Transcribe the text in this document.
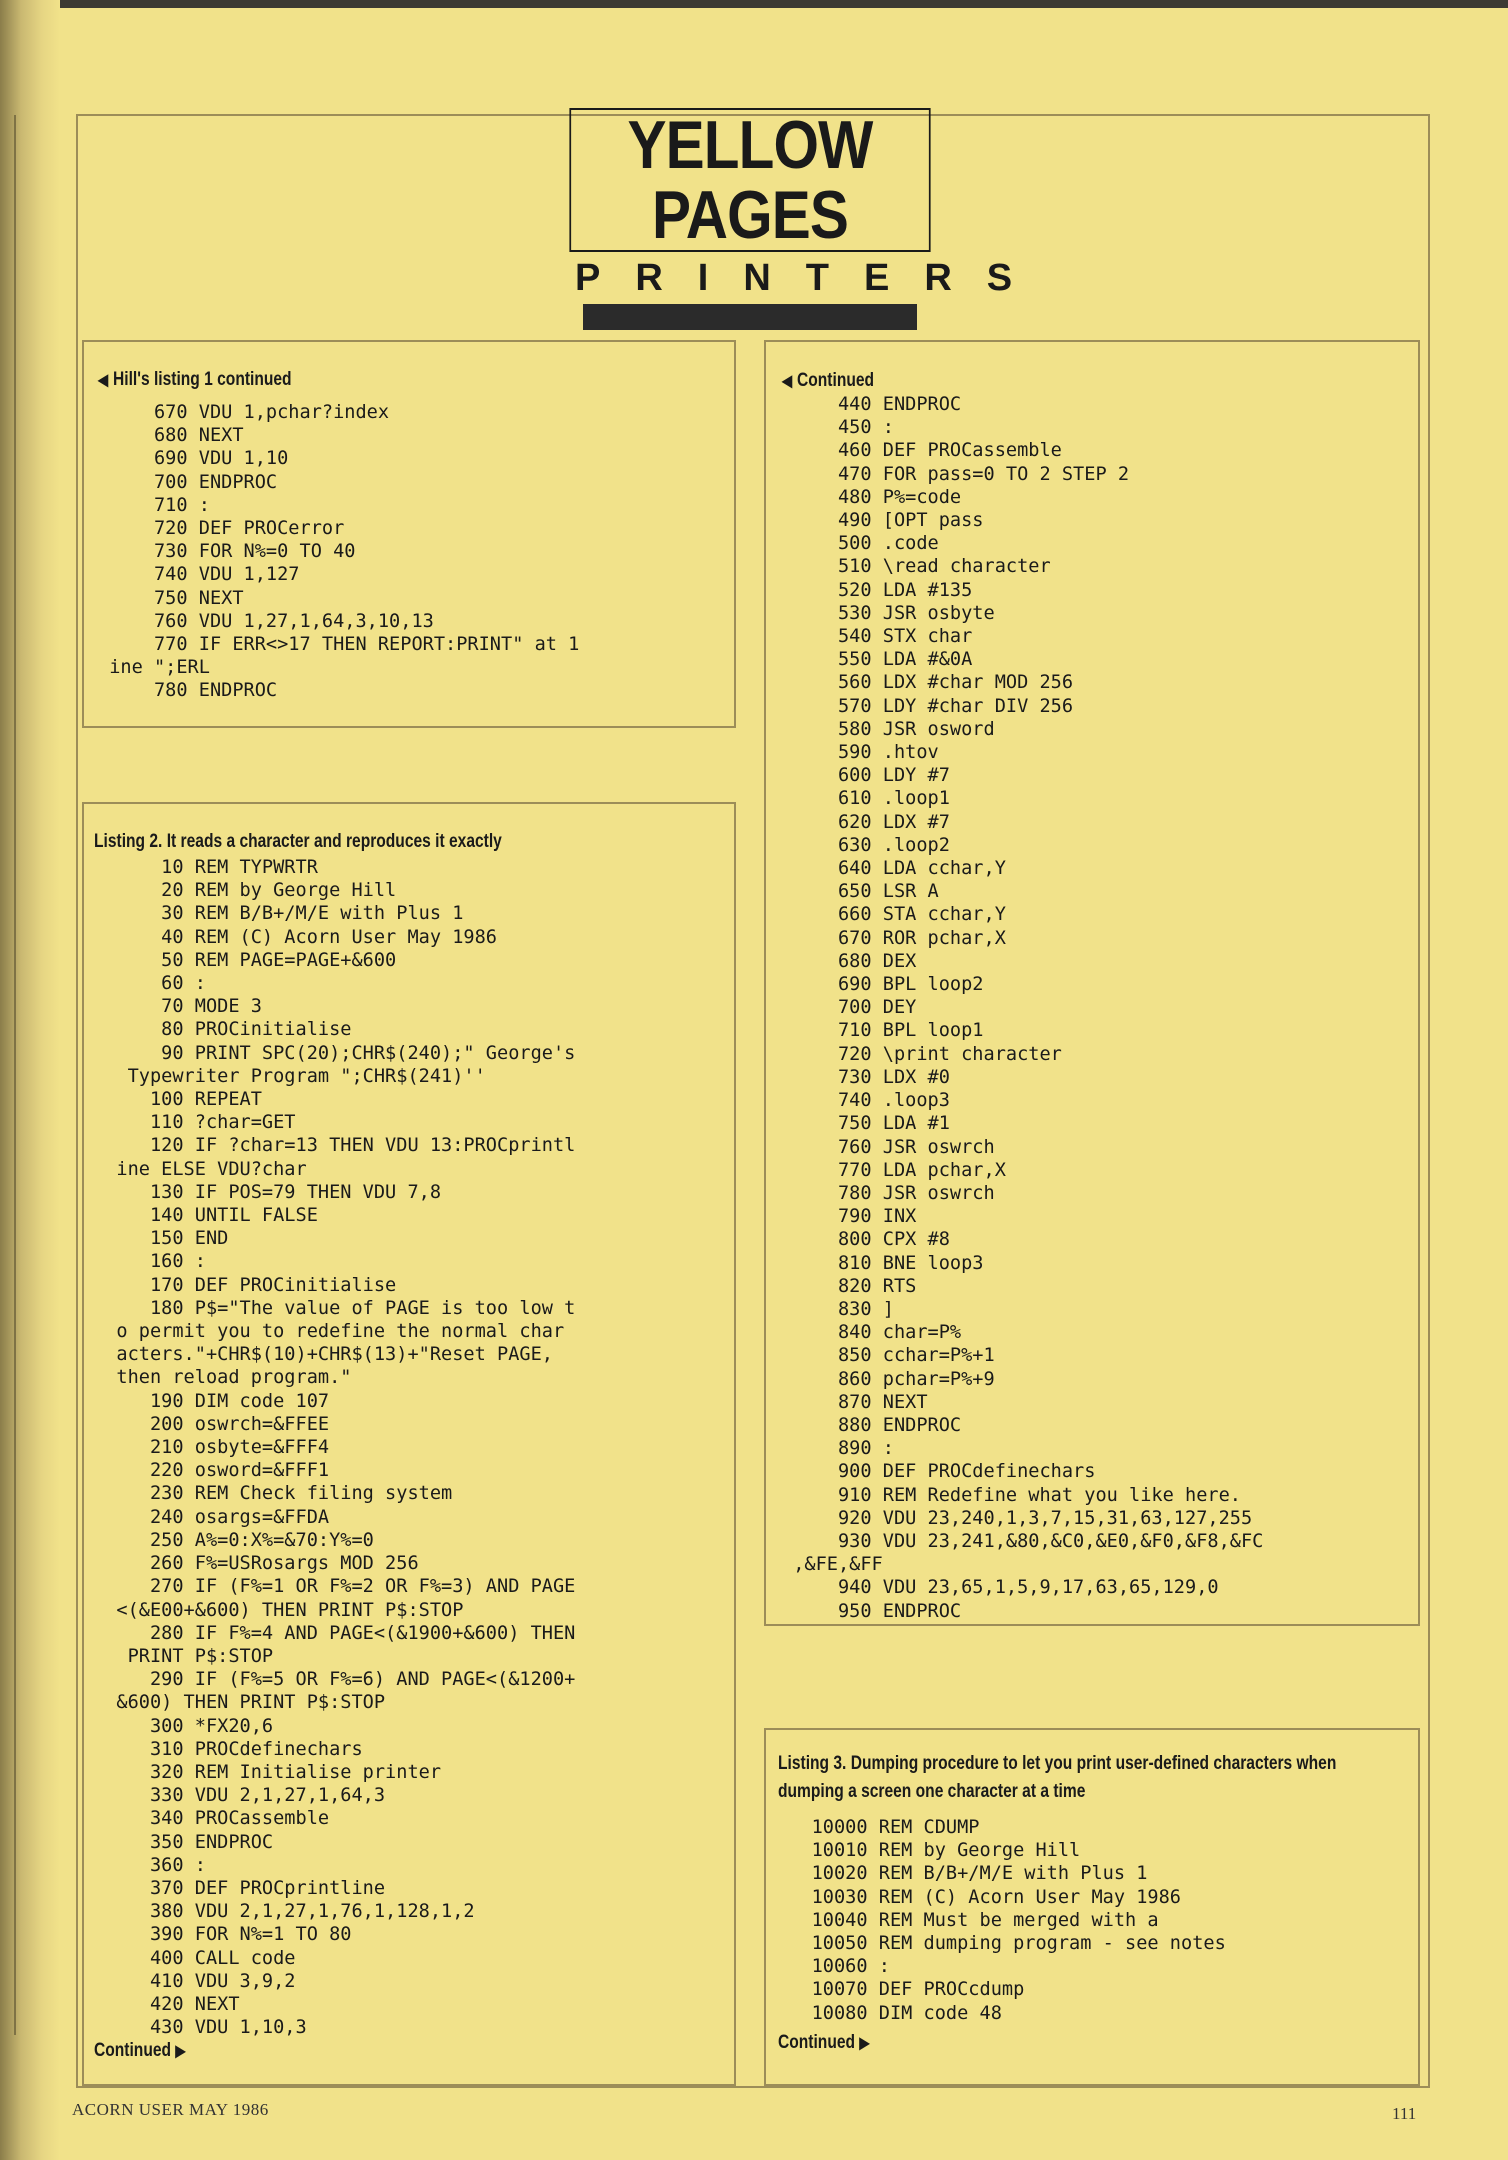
YELLOW PAGES
PRINTERS
◀ Hill's listing 1 continued
670 VDU 1,pchar?index
680 NEXT
690 VDU 1,10
700 ENDPROC
710 :
720 DEF PROCerror
730 FOR N%=0 TO 40
740 VDU 1,127
750 NEXT
760 VDU 1,27,1,64,3,10,13
770 IF ERR<>17 THEN REPORT:PRINT" at 1
ine ";ERL
780 ENDPROC
Listing 2. It reads a character and reproduces it exactly
10 REM TYPWRTR
20 REM by George Hill
30 REM B/B+/M/E with Plus 1
40 REM (C) Acorn User May 1986
50 REM PAGE=PAGE+&600
60 :
70 MODE 3
80 PROCinitialise
90 PRINT SPC(20);CHR$(240);" George's
Typewriter Program ";CHR$(241)''
100 REPEAT
110 ?char=GET
120 IF ?char=13 THEN VDU 13:PROCprintl
ine ELSE VDU?char
130 IF POS=79 THEN VDU 7,8
140 UNTIL FALSE
150 END
160 :
170 DEF PROCinitialise
180 P$="The value of PAGE is too low t
o permit you to redefine the normal char
acters."+CHR$(10)+CHR$(13)+"Reset PAGE,
then reload program."
190 DIM code 107
200 oswrch=&FFEE
210 osbyte=&FFF4
220 osword=&FFF1
230 REM Check filing system
240 osargs=&FFDA
250 A%=0:X%=&70:Y%=0
260 F%=USRosargs MOD 256
270 IF (F%=1 OR F%=2 OR F%=3) AND PAGE
<(&E00+&600) THEN PRINT P$:STOP
280 IF F%=4 AND PAGE<(&1900+&600) THEN
PRINT P$:STOP
290 IF (F%=5 OR F%=6) AND PAGE<(&1200+
&600) THEN PRINT P$:STOP
300 *FX20,6
310 PROCdefinechars
320 REM Initialise printer
330 VDU 2,1,27,1,64,3
340 PROCassemble
350 ENDPROC
360 :
370 DEF PROCprintline
380 VDU 2,1,27,1,76,1,128,1,2
390 FOR N%=1 TO 80
400 CALL code
410 VDU 3,9,2
420 NEXT
430 VDU 1,10,3
Continued ▶
◀ Continued
440 ENDPROC
450 :
460 DEF PROCassemble
470 FOR pass=0 TO 2 STEP 2
480 P%=code
490 [OPT pass
500 .code
510 \read character
520 LDA #135
530 JSR osbyte
540 STX char
550 LDA #&0A
560 LDX #char MOD 256
570 LDY #char DIV 256
580 JSR osword
590 .htov
600 LDY #7
610 .loop1
620 LDX #7
630 .loop2
640 LDA cchar,Y
650 LSR A
660 STA cchar,Y
670 ROR pchar,X
680 DEX
690 BPL loop2
700 DEY
710 BPL loop1
720 \print character
730 LDX #0
740 .loop3
750 LDA #1
760 JSR oswrch
770 LDA pchar,X
780 JSR oswrch
790 INX
800 CPX #8
810 BNE loop3
820 RTS
830 ]
840 char=P%
850 cchar=P%+1
860 pchar=P%+9
870 NEXT
880 ENDPROC
890 :
900 DEF PROCdefinechars
910 REM Redefine what you like here.
920 VDU 23,240,1,3,7,15,31,63,127,255
930 VDU 23,241,&80,&C0,&E0,&F0,&F8,&FC
,&FE,&FF
940 VDU 23,65,1,5,9,17,63,65,129,0
950 ENDPROC
Listing 3. Dumping procedure to let you print user-defined characters when
dumping a screen one character at a time
10000 REM CDUMP
10010 REM by George Hill
10020 REM B/B+/M/E with Plus 1
10030 REM (C) Acorn User May 1986
10040 REM Must be merged with a
10050 REM dumping program - see notes
10060 :
10070 DEF PROCcdump
10080 DIM code 48
Continued ▶
ACORN USER MAY 1986	111
